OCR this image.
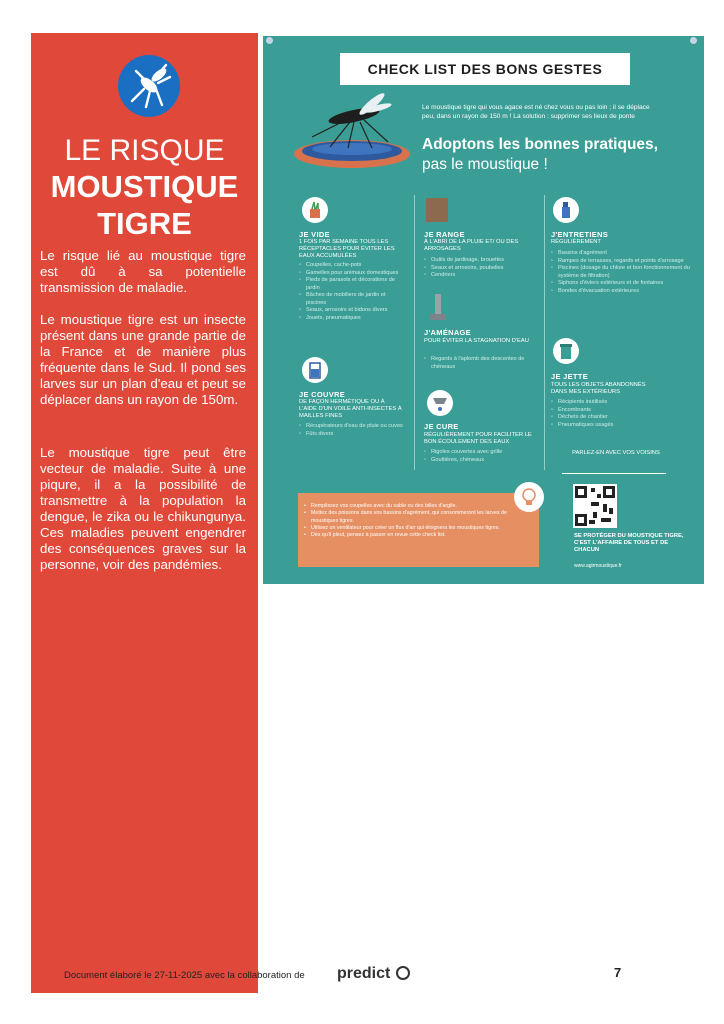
LE RISQUE
MOUSTIQUE
TIGRE

Le risque lié au moustique tigre est dû à sa potentielle transmission de maladie.

Le moustique tigre est un insecte présent dans une grande partie de la France et de manière plus fréquente dans le Sud. Il pond ses larves sur un plan d'eau et peut se déplacer dans un rayon de 150m.

Le moustique tigre peut être vecteur de maladie. Suite à une piqure, il a la possibilité de transmettre à la population la dengue, le zika ou le chikungunya. Ces maladies peuvent engendrer des conséquences graves sur la personne, voir des pandémies.

CHECK LIST DES BONS GESTES

Le moustique tigre qui vous agace est né chez vous ou pas loin ; il se déplace peu, dans un rayon de 150 m ! La solution : supprimer ses lieux de ponte

Adoptons les bonnes pratiques,
pas le moustique !
JE VIDE

1 FOIS PAR SEMAINE TOUS LES RÉCEPTACLES POUR ÉVITER LES EAUX ACCUMULÉES

◦ Coupelles, cache-pots
◦ Gamelles pour animaux domestiques
◦ Pieds de parasols et décorations de jardin
◦ Bâches de mobiliers de jardin et piscines
◦ Seaux, arrosoirs et bidons divers
◦ Jouets, pneumatiques
JE COUVRE

DE FAÇON HERMÉTIQUE OU À L'AIDE D'UN VOILE ANTI-INSECTES À MAILLES FINES

◦ Récupérateurs d'eau de pluie ou cuves
◦ Fûts divers
JE RANGE

À L'ABRI DE LA PLUIE ET/ OU DES ARROSAGES

◦ Outils de jardinage, brouettes
◦ Seaux et arrosoirs, poubelles
◦ Cendriers
J'AMÉNAGE

POUR ÉVITER LA STAGNATION D'EAU

◦ Regards à l'aplomb des descentes de chéneaux
JE CURE

RÉGULIÈREMENT POUR FACILITER LE BON ÉCOULEMENT DES EAUX

◦ Rigoles couvertes avec grille
◦ Gouttières, chéneaux
J'ENTRETIENS

RÉGULIÈREMENT

◦ Bassins d'agrément
◦ Rampes de terrasses, regards et points d'arrosage
◦ Piscines (dosage du chlore et bon fonctionnement du système de filtration)
◦ Siphons d'éviers extérieurs et de fontaines
◦ Bondes d'évacuation extérieures
JE JETTE

TOUS LES OBJETS ABANDONNÉS DANS MES EXTÉRIEURS

◦ Récipients inutilisés
◦ Encombrants
◦ Déchets de chantier
◦ Pneumatiques usagés

PARLEZ-EN AVEC VOS VOISINS

• Remplissez vos coupelles avec du sable ou des billes d'argile.
• Mettez des poissons dans vos bassins d'agrément, qui consommeront les larves de moustiques tigres.
• Utilisez un ventilateur pour créer un flux d'air qui éloignera les moustiques tigres.
• Dès qu'il pleut, pensez à passer en revue cette check list.	SE PROTÉGER DU MOUSTIQUE TIGRE, C'EST L'AFFAIRE DE TOUS ET DE CHACUN

www.agirmoustique.fr
Document élaboré le 27-11-2025 avec la collaboration de predict	7
